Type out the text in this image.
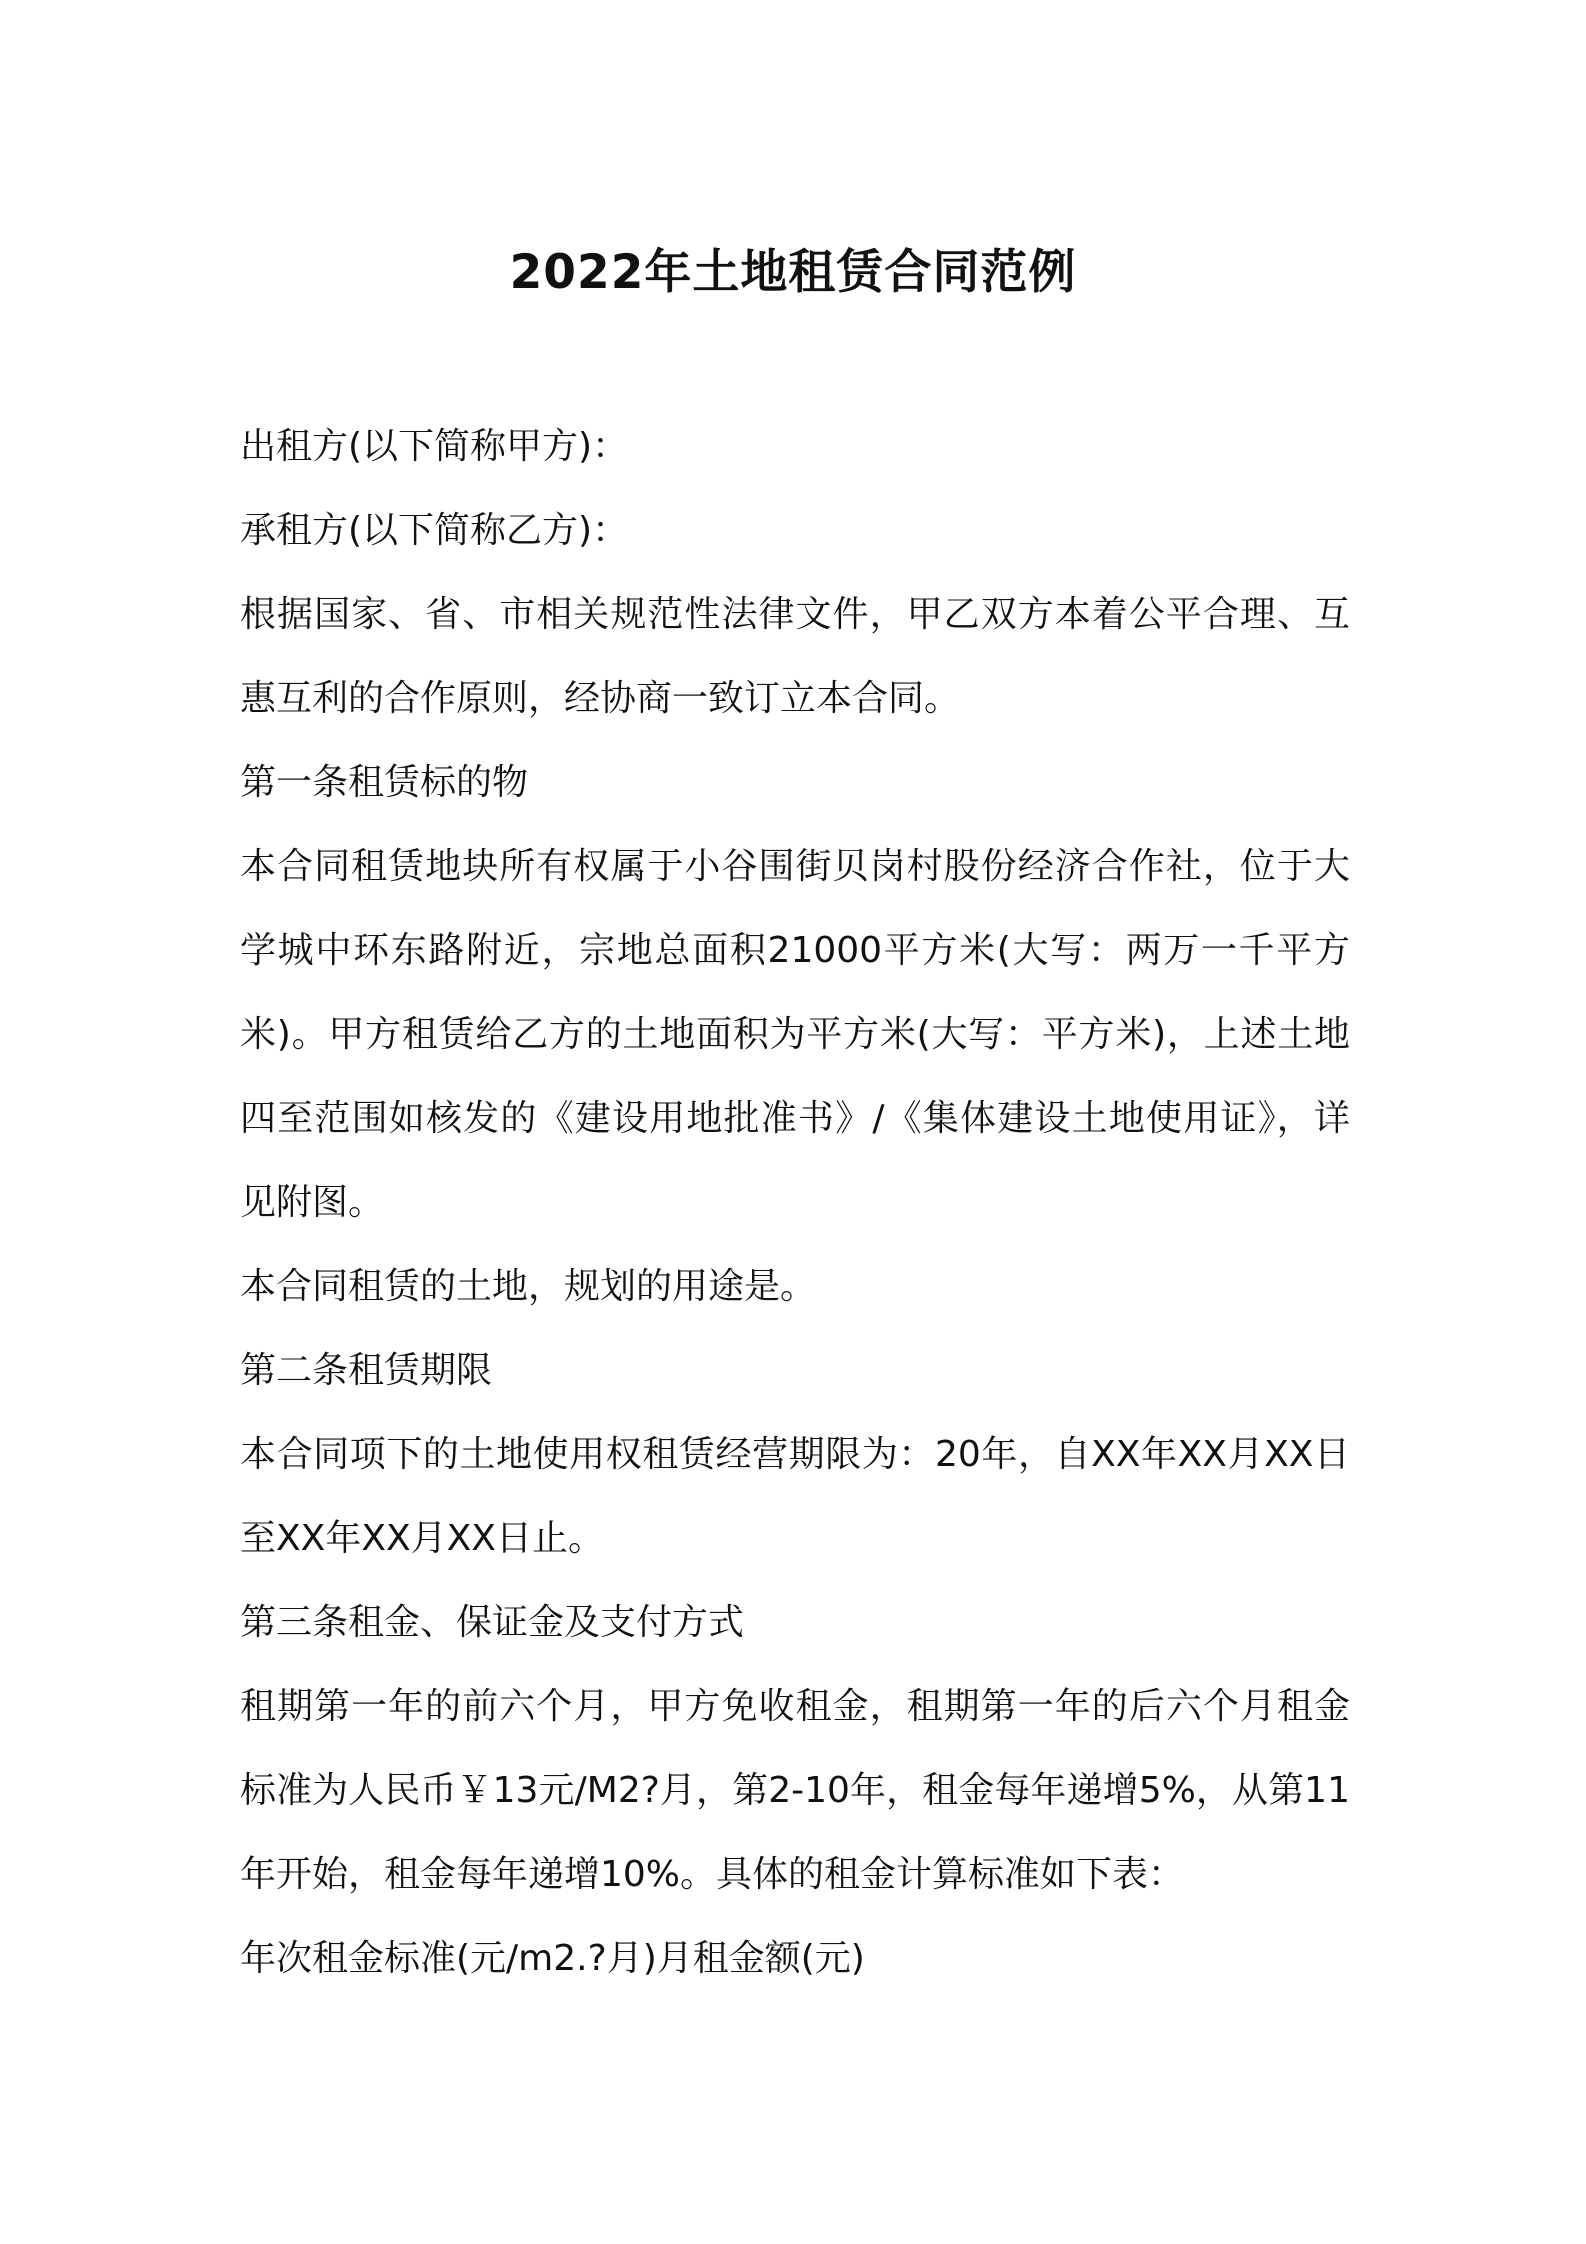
2022年土地租赁合同范例

出租方(以下简称甲方)：

承租方(以下简称乙方)：

根据国家、省、市相关规范性法律文件，甲乙双方本着公平合理、互惠互利的合作原则，经协商一致订立本合同。

第一条租赁标的物

本合同租赁地块所有权属于小谷围街贝岗村股份经济合作社，位于大学城中环东路附近，宗地总面积21000平方米(大写：两万一千平方米)。甲方租赁给乙方的土地面积为平方米(大写：平方米)，上述土地四至范围如核发的《建设用地批准书》/《集体建设土地使用证》，详见附图。

本合同租赁的土地，规划的用途是。

第二条租赁期限

本合同项下的土地使用权租赁经营期限为：20年，自XX年XX月XX日至XX年XX月XX日止。

第三条租金、保证金及支付方式

租期第一年的前六个月，甲方免收租金，租期第一年的后六个月租金标准为人民币￥13元/M2?月，第2-10年，租金每年递增5%，从第11年开始，租金每年递增10%。具体的租金计算标准如下表：

年次租金标准(元/m2.?月)月租金额(元)
